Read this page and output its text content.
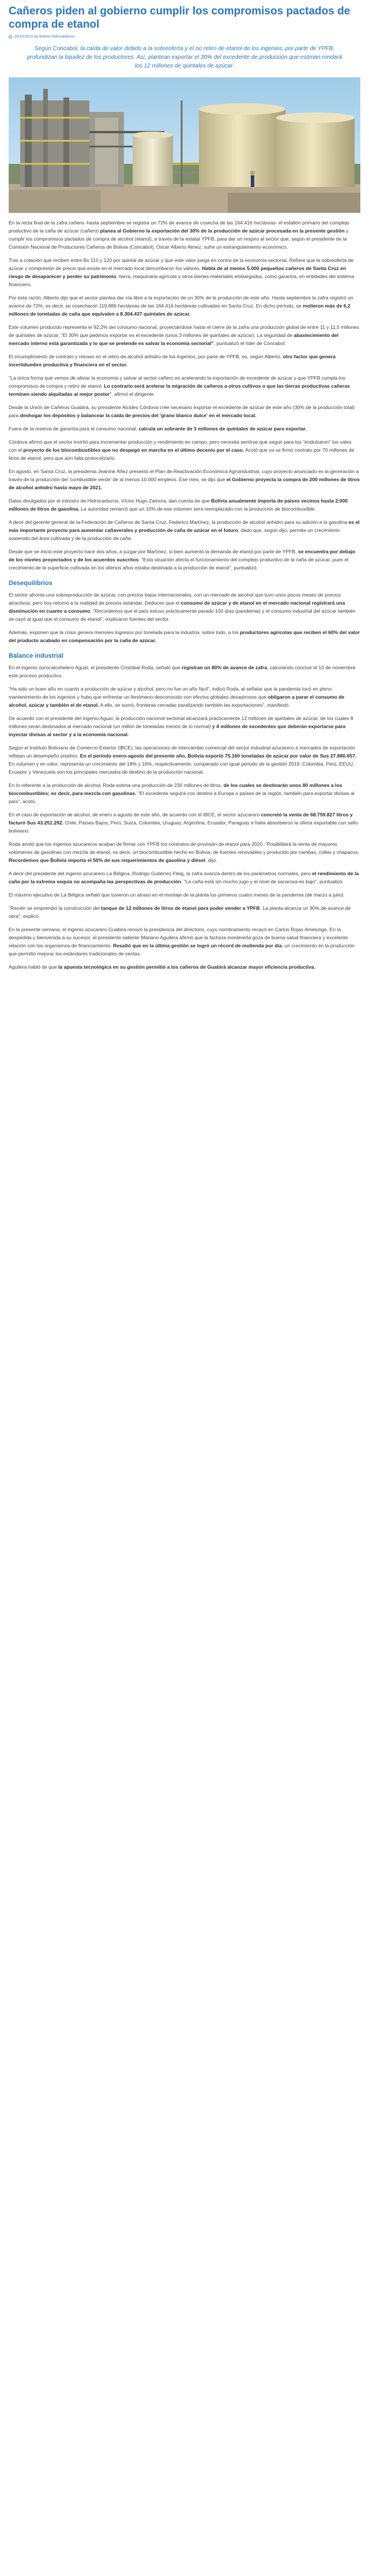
Cañeros piden al gobierno cumplir los compromisos pactados de compra de etanol
20/10/2022 by Bolivia Hidrocarburos
Según Concabol, la caída de valor debido a la sobreoferta y el no retiro de etanol de los ingenios, por parte de YPFB, profundizan la liquidez de los productores. Así, plantean exportar el 30% del excedente de producción que estiman rondará los 12 millones de quintales de azúcar.

En la recta final de la zafra cañera -hasta septiembre se registra un 72% de avance de cosecha de las 164.416 hectáreas- el estallón primario del complejo productivo de la caña de azúcar (cañero) planea al Gobierno la exportación del 30% de la producción de azúcar procesada en la presente gestión y cumplir los compromisos pactados de compra de alcohol (etanol), a través de la estatal YPFB, para dar un respiro al sector que, según el presidente de la Comisión Nacional de Productores Cañeros de Bolivia (Concabol), Óscar Alberto Almez, sufre un estrangulamiento económico.

Tras a colación que reciben entre Bs 110 y 120 por quintal de azúcar y que este valor juega en contra de la economía sectorial. Refiere que la sobreoferta de azúcar y compresión de precio que existe en el mercado local derrumbaron los valores. Habla de al menos 5.000 pequeños cañeros de Santa Cruz en riesgo de desaparecer y perder su patrimonio, tierra, maquinaria agrícola y otros bienes materiales embargados, como garantía, en entidades del sistema financiero.

Por esta razón, Alberto dijo que el sector plantea dar vía libre a la exportación de un 30% de la producción de este año. Hasta septiembre la zafra registró un avance de 72%, es decir, se cosecharon 119.886 hectáreas de las 164.416 hectáreas cultivadas en Santa Cruz. En dicho período, se molieron más de 6,2 millones de toneladas de caña que equivalen a 8.304.437 quintales de azúcar.

Este volumen producido representa el 92,2% del consumo nacional, proyectándose hasta el cierre de la zafra una producción global de entre 11 y 11,5 millones de quintales de azúcar. "El 30% que pedimos exportar es el excedente (unos 3 millones de quintales de azúcar). La seguridad de abastecimiento del mercado interno está garantizada y lo que se pretende es salvar la economía sectorial", puntualizó el líder de Concabol.

El incumplimiento de contrato y retraso en el retiro de alcohol anhidro de los ingenios, por parte de YPFB, es, según Alberto, otro factor que genera incertidumbre productiva y financiera en el sector.

"La única forma que vemos de aliviar la economía y salvar al sector cañero es acelerando la exportación de excedente de azúcar y que YPFB cumpla los compromisos de compra y retiro de etanol. Lo contrario será acelerar la migración de cañeros a otros cultivos o que las tierras productivas cañeras terminen siendo alquiladas al mejor postor", afirmó el dirigente.

Desde la Unión de Cañeros Guabirá, su presidente Alcides Córdova cree necesario exportar el excedente de azúcar de este año (30% de la producción total) para deshogar los depósitos y balancear la caída de precios del 'grano blanco dulce' en el mercado local.

Fuera de la reserva de garantía para el consumo nacional, calcula un sobrante de 3 millones de quintales de azúcar para exportar.

Córdova afirmó que el sector invirtió para incrementar producción y rendimiento en campo, pero necesita sentirse que seguir para los "endulzaron" los vales con el proyecto de los biocombustibles que no despegó en marcha en el último decenio por el caso. Acotó que ya se firmó contrato por 70 millones de litros de etanol, pero que aún falta protocolizarlo.

En agosto, en Santa Cruz, la presidenta Jeanine Áñez presentó el Plan de Reactivación Económica Agroindustrial, cuyo proyecto anunciado es la generación a través de la producción del 'combustible verde' de al menos 10.000 empleos. Ese mes, se dijo que el Gobierno proyecta la compra de 200 millones de litros de alcohol anhidro hasta mayo de 2021.

Datos divulgados por el ministro de Hidrocarburos, Víctor Hugo Zamora, dan cuenta de que Bolivia anualmente importa de países vecinos hasta 2.000 millones de litros de gasolina. La autoridad remarcó que un 10% de ese volumen será reemplazado con la producción de biocombustible.

A decir del gerente general de la Federación de Cañeros de Santa Cruz, Federico Martínez, la producción de alcohol anhidro para su adición a la gasolina es el más importante proyecto para aumentar cañaverales y producción de caña de azúcar en el futuro, dado que, según dijo, permite un crecimiento sostenido del área cultivada y de la producción de caña.

Desde que se inició este proyecto hace dos años, a juzgar por Martínez, si bien aumentó la demanda de etanol por parte de YPFB, se encuentra por debajo de los niveles proyectados y de los acuerdos suscritos. "Esta situación afecta el funcionamiento del complejo productivo de la caña de azúcar, pues el crecimiento de la superficie cultivada en los últimos años estaba destinada a la producción de etanol", puntualizó.

Desequilibrios

El sector afronta una sobreproducción de azúcar, con precios bajos internacionales, con un mercado de alcohol que tuvo unos pocos meses de precios atractivos; pero hoy retornó a la realidad de precios estándar. Deducen que el consumo de azúcar y de etanol en el mercado nacional registrará una disminución en cuanto a consumo. "Recordemos que el país estuvo prácticamente parado 100 días (pandemia) y el consumo industrial del azúcar también se cayó al igual que el consumo de etanol", explicaron fuentes del sector.

Además, exponen que la crisis genera menores ingresos por tonelada para la industria, sobre todo, a los productores agrícolas que reciben el 60% del valor del producto acabado en compensación por la caña de azúcar.

Balance industrial

En el ingenio ourocalcohelero Aguaí, el presidente Cristóbal Roda, señaló que registran un 80% de avance de zafra, calculando concluir el 10 de noviembre este proceso productivo.

"Ha sido un buen año en cuanto a producción de azúcar y alcohol, pero no fue un año fácil", indicó Roda, al señalar que la pandemia tocó en pleno mantenimiento de los ingenios y hubo que enfrentar un fenómeno desconocido con efectos globales desastrosos que obligaron a parar el consumo de alcohol, azúcar y también el de etanol. A ello, se sumó, fronteras cerradas paralizando también las exportaciones", manifestó.

De acuerdo con el presidente del ingenio Aguaí, la producción nacional sectorial alcanzará prácticamente 12 millones de quintales de azúcar, de los cuales 8 millones serán destinados al mercado nacional (un millón de toneladas menos de lo normal) y 4 millones de excedentes que deberán exportarse para inyectar divisas al sector y a la economía nacional.

Según el Instituto Boliviano de Comercio Exterior (IBCE), las operaciones de intercambio comercial del sector industrial azucarero a mercados de exportación reflejan un desempeño positivo. En el período enero-agosto del presente año, Bolivia exportó 75.160 toneladas de azúcar por valor de Sus 27.880.657. En volumen y en valor, representa un crecimiento del 18% y 16%, respectivamente, comparado con igual periodo de la gestión 2019. Colombia, Perú, EEUU, Ecuador y Venezuela son los principales mercados de destino de la producción nacional.

En lo referente a la producción de alcohol, Roda estima una producción de 230 millones de litros, de los cuales se destinarán unos 80 millones a los biocombustibles; es decir, para mezcla con gasolinas. "El excedente seguirá con destino a Europa o países de la región, también para exportar divisas al país", acotó.

En el caso de exportación de alcohol, de enero a agosto de este año, de acuerdo con el IBCE, el sector azucarero concretó la venta de 68.759.827 litros y facturó Sus 43.251.292. Chile, Países Bajos, Perú, Suiza, Colombia, Uruguay, Argentina, Ecuador, Paraguay e Italia absorbieron la oferta exportable con sello boliviano.

Roda anotó que los ingenios azucareros acaban de firmar con YPFB los contratos de provisión de etanol para 2020. "Posibilitará la venta de mayores volúmenes de gasolinas con mezcla de etanol, es decir, un biocombustible hecho en Bolivia, de fuentes renovables y producido por cambas, collas y chapacos. Recordemos que Bolivia importa el 50% de sus requerimientos de gasolina y diésel. dijo.

A decir del presidente del ingenio azucarero La Bélgica, Rodrigo Gutiérrez Fleig, la zafra avanza dentro de los parámetros normales, pero el rendimiento de la caña por la extrema sequía no acompaña las perspectivas de producción. "La caña está sin mucho jugo y el nivel de sacarosa es bajo", puntualizó.

El máximo ejecutivo de La Bélgica señaló que tuvieron un atraso en el montaje de la planta los primeros cuatro meses de la pandemia (de marzo a julio).

"Recién se emprendió la construcción del tanque de 12 millones de litros de etanol para poder vender a YPFB. La planta alcanza un 90% de avance de obra", explicó.

En la presente semana, el ingenio azucarero Guabirá renovó la presidencia del directorio, cuyo nombramiento recayó en Carlos Rojas Amelunge. En la despedida y bienvenida a su sucesor, el presidente saliente Mariano Aguilera afirmó que la factoría montereña goza de buena salud financiera y excelente relación con los organismos de financiamiento. Resaltó que en la última gestión se logró un récord de molienda por día, un crecimiento en la producción que permitió mejorar los estándares tradicionales de ventas.

Aguilera habló de que la apuesta tecnológica en su gestión permitió a los cañeros de Guabirá alcanzar mayor eficiencia productiva.
